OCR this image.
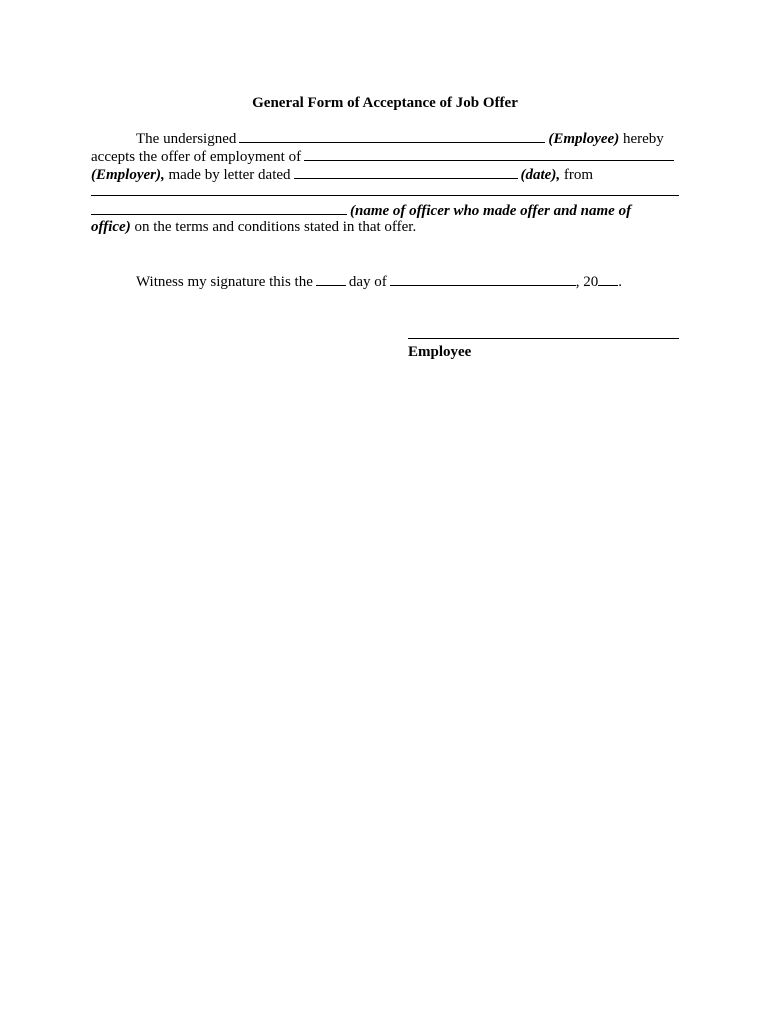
General Form of Acceptance of Job Offer
The undersigned	(Employee) hereby
accepts the offer of employment of
(Employer), made by letter dated	(date), from
(name of officer who made offer and name of
office) on the terms and conditions stated in that offer.
Witness my signature this the day of	, 20 .
Employee
